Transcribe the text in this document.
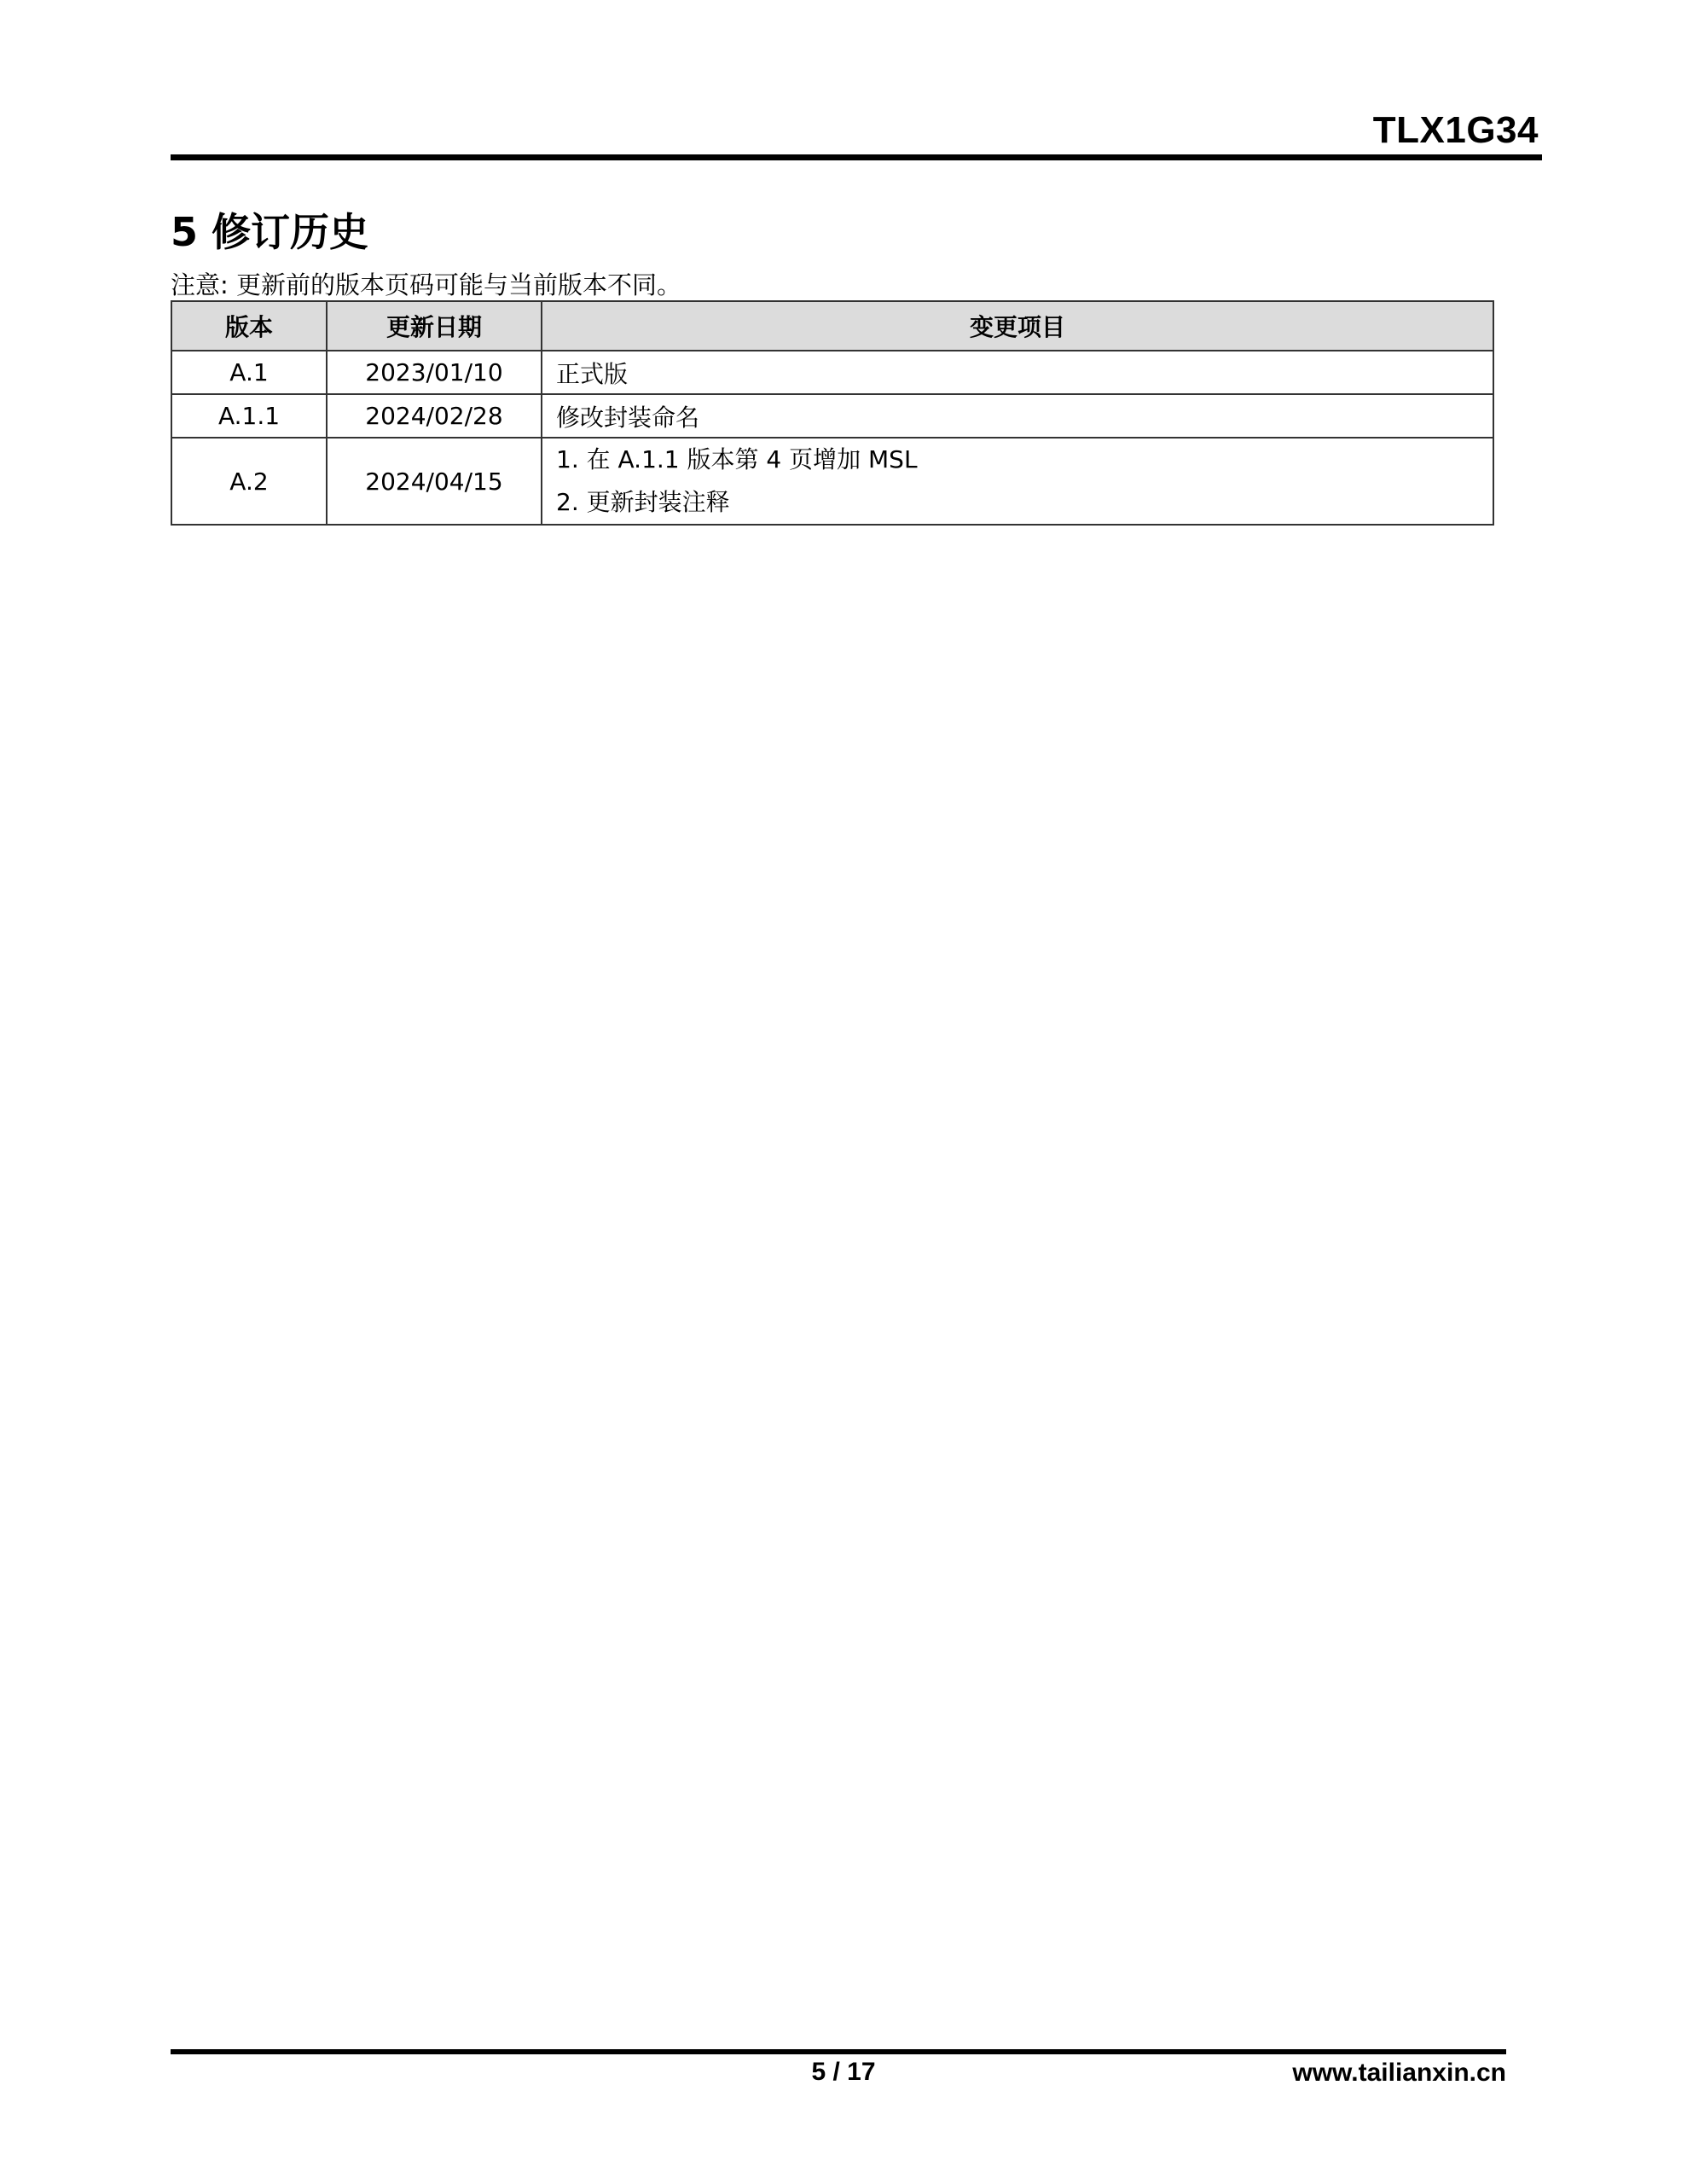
TLX1G34
5 修订历史
注意: 更新前的版本页码可能与当前版本不同。
版本	更新日期	变更项目
A.1	2023/01/10	正式版
A.1.1	2024/02/28	修改封装命名
A.2	2024/04/15	1. 在 A.1.1 版本第 4 页增加 MSL
2. 更新封装注释
5 / 17	www.tailianxin.cn
